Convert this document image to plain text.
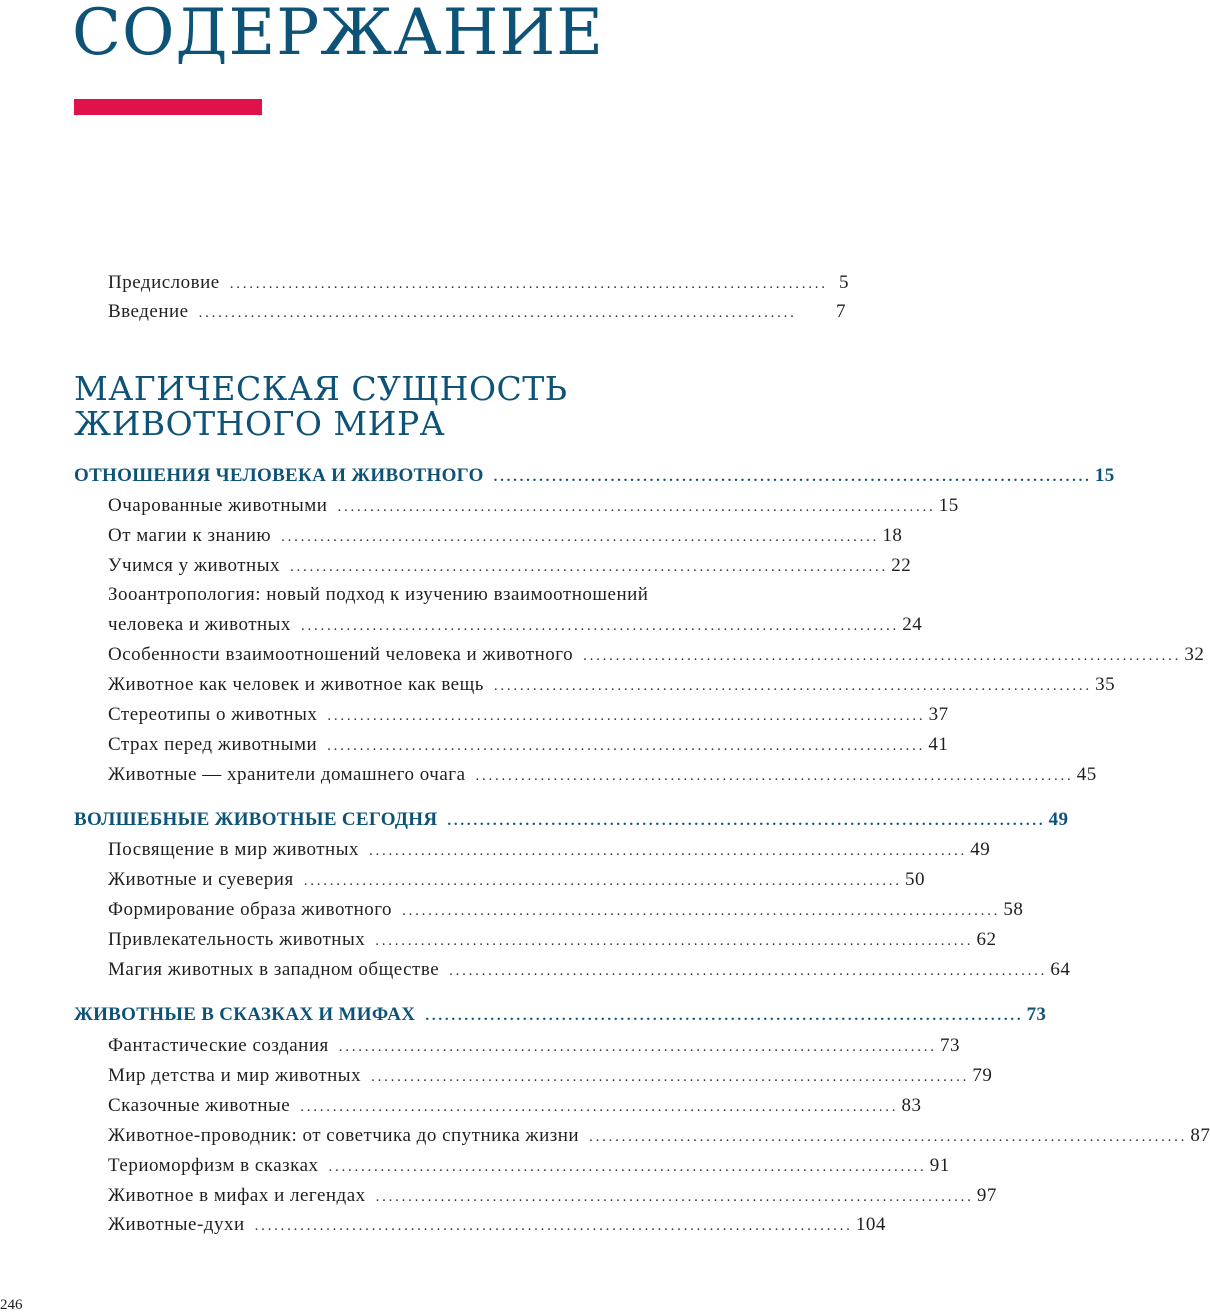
СОДЕРЖАНИЕ
Предисловие . . .	5
Введение . . .	7
МАГИЧЕСКАЯ СУЩНОСТЬ
ЖИВОТНОГО МИРА
ОТНОШЕНИЯ ЧЕЛОВЕКА И ЖИВОТНОГО . . .	15
Очарованные животными . . .	15
От магии к знанию . . .	18
Учимся у животных . . .	22
Зооантропология: новый подход к изучению взаимоотношений
человека и животных . . .	24
Особенности взаимоотношений человека и животного . . .	32
Животное как человек и животное как вещь . . .	35
Стереотипы о животных . . .	37
Страх перед животными . . .	41
Животные — хранители домашнего очага . . .	45
ВОЛШЕБНЫЕ ЖИВОТНЫЕ СЕГОДНЯ . . .	49
Посвящение в мир животных . . .	49
Животные и суеверия . . .	50
Формирование образа животного . . .	58
Привлекательность животных . . .	62
Магия животных в западном обществе . . .	64
ЖИВОТНЫЕ В СКАЗКАХ И МИФАХ . . .	73
Фантастические создания . . .	73
Мир детства и мир животных . . .	79
Сказочные животные . . .	83
Животное-проводник: от советчика до спутника жизни . . .	87
Териоморфизм в сказках . . .	91
Животное в мифах и легендах . . .	97
Животные-духи . . .	104
246
